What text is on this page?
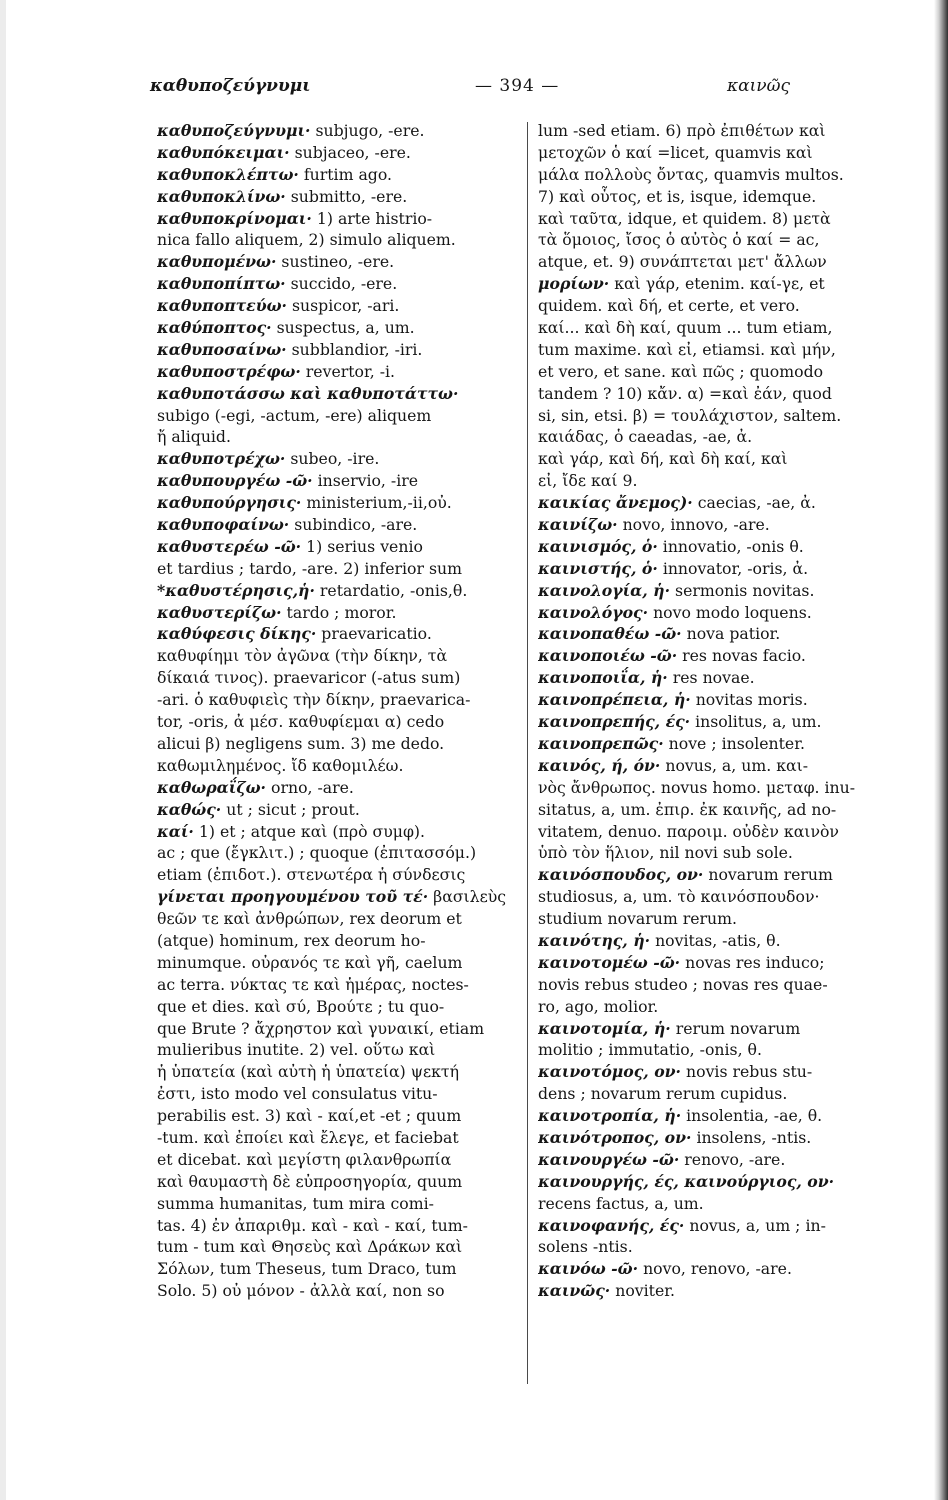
καθυποζεύγνυμι	— 394 —	καινῶς
καθυποζεύγνυμι· subjugo, -ere.
καθυπόκειμαι· subjaceo, -ere.
καθυποκλέπτω· furtim ago.
καθυποκλίνω· submitto, -ere.
καθυποκρίνομαι· 1) arte histrio-
nica fallo aliquem, 2) simulo aliquem.
καθυπομένω· sustineo, -ere.
καθυποπίπτω· succido, -ere.
καθυποπτεύω· suspicor, -ari.
καθύποπτος· suspectus, a, um.
καθυποσαίνω· subblandior, -iri.
καθυποστρέφω· revertor, -i.
καθυποτάσσω καὶ καθυποτάττω·
subigo (-egi, -actum, -ere) aliquem
ἤ aliquid.
καθυποτρέχω· subeo, -ire.
καθυπουργέω -ῶ· inservio, -ire
καθυπούργησις· ministerium,-ii,οὐ.
καθυποφαίνω· subindico, -are.
καθυστερέω -ῶ· 1) serius venio
et tardius ; tardo, -are. 2) inferior sum
*καθυστέρησις,ἡ· retardatio, -onis,θ.
καθυστερίζω· tardo ; moror.
καθύφεσις δίκης· praevaricatio.
καθυφίημι τὸν ἀγῶνα (τὴν δίκην, τὰ
δίκαιά τινος). praevaricor (-atus sum)
-ari. ὁ καθυφιεὶς τὴν δίκην, praevarica-
tor, -oris, ἀ μέσ. καθυφίεμαι α) cedo
alicui β) negligens sum. 3) me dedo.
καθωμιλημένος. ἴδ καθομιλέω.
καθωραΐζω· orno, -are.
καθώς· ut ; sicut ; prout.
καί· 1) et ; atque καὶ (πρὸ συμφ).
ac ; que (ἔγκλιτ.) ; quoque (ἐπιτασσόμ.)
etiam (ἐπιδοτ.). στενωτέρα ἡ σύνδεσις
γίνεται προηγουμένου τοῦ τέ· βασιλεὺς
θεῶν τε καὶ ἀνθρώπων, rex deorum et
(atque) hominum, rex deorum ho-
minumque. οὐρανός τε καὶ γῆ, caelum
ac terra. νύκτας τε καὶ ἡμέρας, noctes-
que et dies. καὶ σύ, Βρούτε ; tu quo-
que Brute ? ἄχρηστον καὶ γυναικί, etiam
mulieribus inutite. 2) vel. οὕτω καὶ
ἡ ὑπατεία (καὶ αὐτὴ ἡ ὑπατεία) ψεκτή
ἐστι, isto modo vel consulatus vitu-
perabilis est. 3) καὶ - καί,et -et ; quum
-tum. καὶ ἐποίει καὶ ἔλεγε, et faciebat
et dicebat. καὶ μεγίστη φιλανθρωπία
καὶ θαυμαστὴ δὲ εὐπροσηγορία, quum
summa humanitas, tum mira comi-
tas. 4) ἐν ἀπαριθμ. καὶ - καὶ - καί, tum-
tum - tum καὶ Θησεὺς καὶ Δράκων καὶ
Σόλων, tum Theseus, tum Draco, tum
Solo. 5) οὐ μόνον - ἀλλὰ καί, non so
lum -sed etiam. 6) πρὸ ἐπιθέτων καὶ
μετοχῶν ὁ καί =licet, quamvis καὶ
μάλα πολλοὺς ὄντας, quamvis multos.
7) καὶ οὗτος, et is, isque, idemque.
καὶ ταῦτα, idque, et quidem. 8) μετὰ
τὰ ὅμοιος, ἴσος ὁ αὐτὸς ὁ καί = ac,
atque, et. 9) συνάπτεται μετ' ἄλλων
μορίων· καὶ γάρ, etenim. καί-γε, et
quidem. καὶ δή, et certe, et vero.
καί... καὶ δὴ καί, quum ... tum etiam,
tum maxime. καὶ εἰ, etiamsi. καὶ μήν,
et vero, et sane. καὶ πῶς ; quomodo
tandem ? 10) κἄν. α) =καὶ ἐάν, quod
si, sin, etsi. β) = τουλάχιστον, saltem.
καιάδας, ὁ caeadas, -ae, ἀ.
καὶ γάρ, καὶ δή, καὶ δὴ καί, καὶ
εἰ, ἴδε καί 9.
καικίας ἄνεμος)· caecias, -ae, ἀ.
καινίζω· novo, innovo, -are.
καινισμός, ὁ· innovatio, -onis θ.
καινιστής, ὁ· innovator, -oris, ἀ.
καινολογία, ἡ· sermonis novitas.
καινολόγος· novo modo loquens.
καινοπαθέω -ῶ· nova patior.
καινοποιέω -ῶ· res novas facio.
καινοποιΐα, ἡ· res novae.
καινοπρέπεια, ἡ· novitas moris.
καινοπρεπής, ές· insolitus, a, um.
καινοπρεπῶς· nove ; insolenter.
καινός, ή, όν· novus, a, um. και-
νὸς ἄνθρωπος. novus homo. μεταφ. inu-
sitatus, a, um. ἐπιρ. ἐκ καινῆς, ad no-
vitatem, denuo. παροιμ. οὐδὲν καινὸν
ὑπὸ τὸν ἥλιον, nil novi sub sole.
καινόσπουδος, ον· novarum rerum
studiosus, a, um. τὸ καινόσπουδον·
studium novarum rerum.
καινότης, ἡ· novitas, -atis, θ.
καινοτομέω -ῶ· novas res induco;
novis rebus studeo ; novas res quae-
ro, ago, molior.
καινοτομία, ἡ· rerum novarum
molitio ; immutatio, -onis, θ.
καινοτόμος, ον· novis rebus stu-
dens ; novarum rerum cupidus.
καινοτροπία, ἡ· insolentia, -ae, θ.
καινότροπος, ον· insolens, -ntis.
καινουργέω -ῶ· renovo, -are.
καινουργής, ές, καινούργιος, ον·
recens factus, a, um.
καινοφανής, ές· novus, a, um ; in-
solens -ntis.
καινόω -ῶ· novo, renovo, -are.
καινῶς· noviter.
